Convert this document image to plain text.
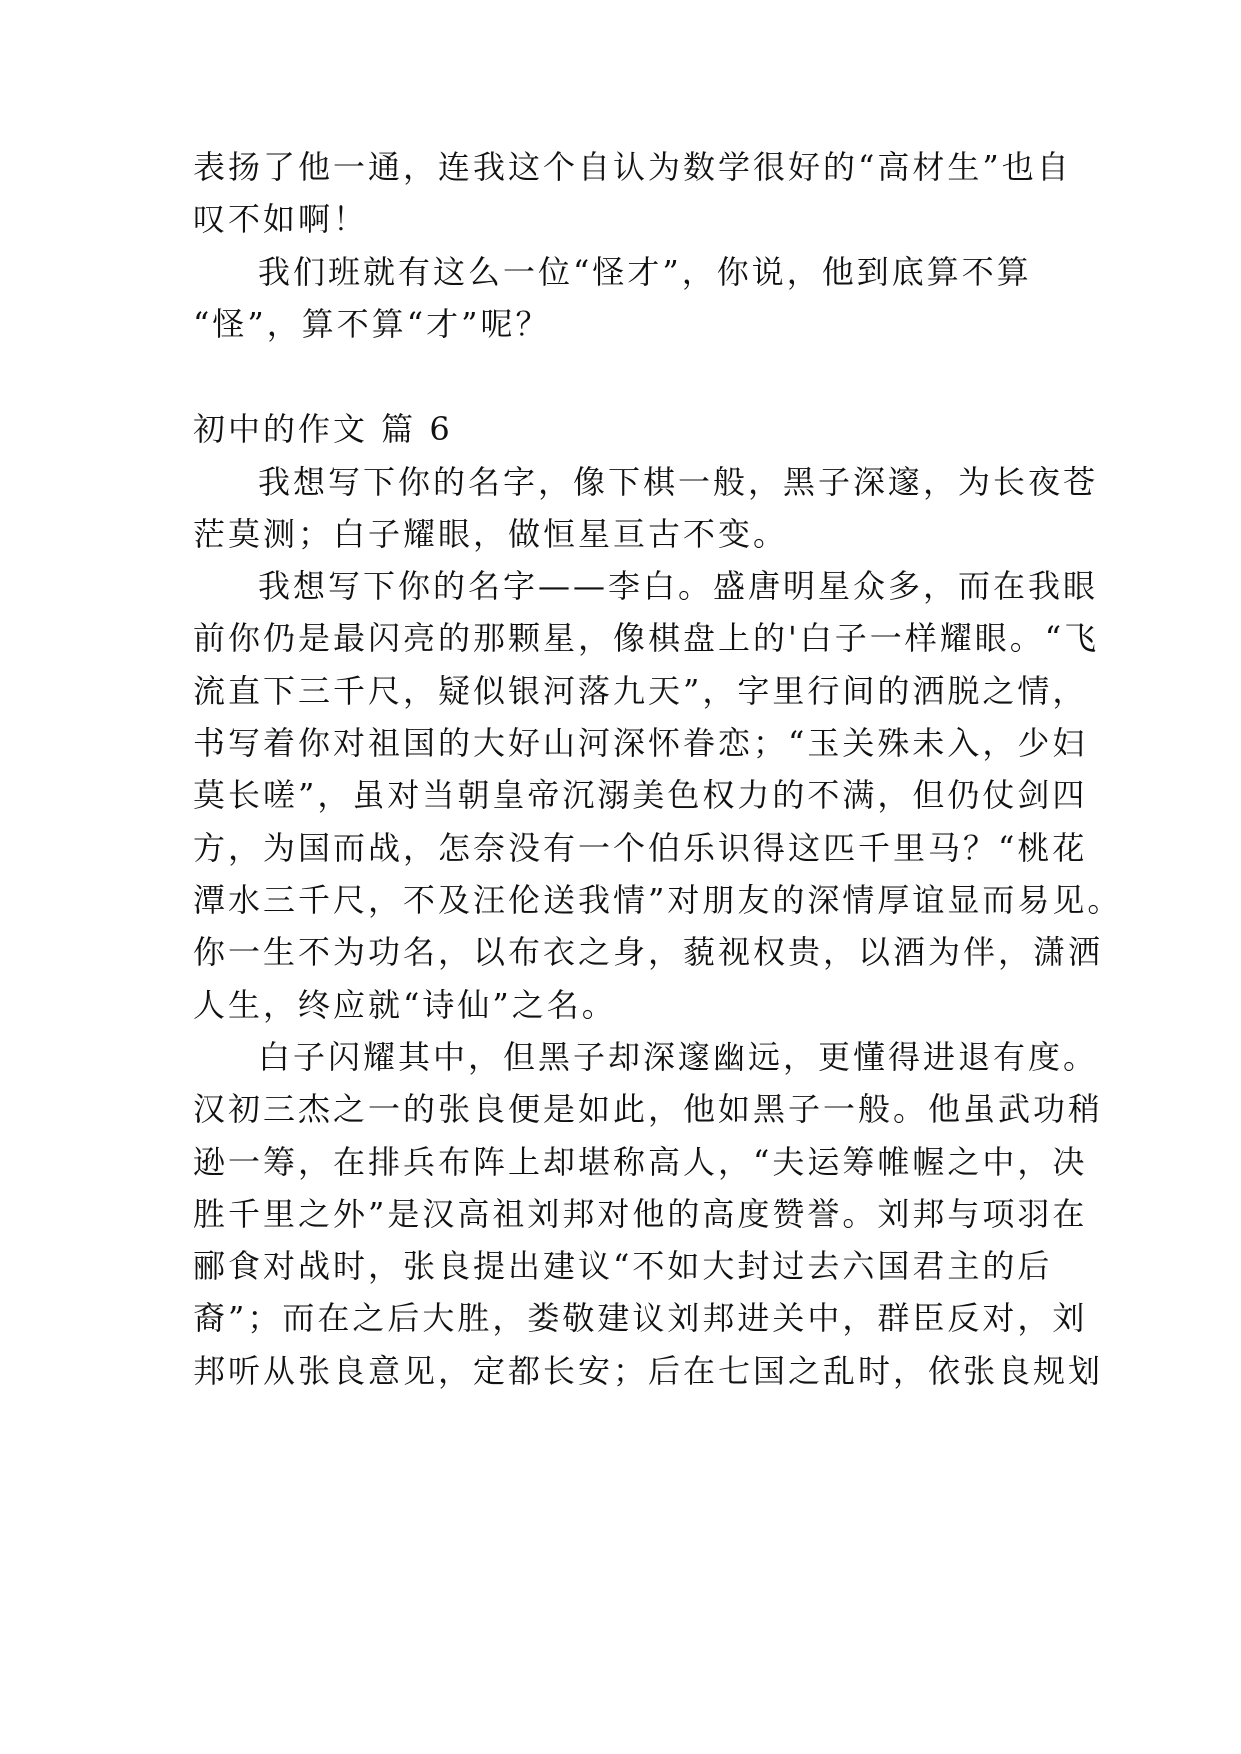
表扬了他一通，连我这个自认为数学很好的“高材生”也自
叹不如啊！
我们班就有这么一位“怪才”，你说，他到底算不算
“怪”，算不算“才”呢？
初中的作文 篇 6
我想写下你的名字，像下棋一般，黑子深邃，为长夜苍
茫莫测；白子耀眼，做恒星亘古不变。
我想写下你的名字——李白。盛唐明星众多，而在我眼
前你仍是最闪亮的那颗星，像棋盘上的'白子一样耀眼。“飞
流直下三千尺，疑似银河落九天”，字里行间的洒脱之情，
书写着你对祖国的大好山河深怀眷恋；“玉关殊未入，少妇
莫长嗟”，虽对当朝皇帝沉溺美色权力的不满，但仍仗剑四
方，为国而战，怎奈没有一个伯乐识得这匹千里马？“桃花
潭水三千尺，不及汪伦送我情”对朋友的深情厚谊显而易见。
你一生不为功名，以布衣之身，藐视权贵，以酒为伴，潇洒
人生，终应就“诗仙”之名。
白子闪耀其中，但黑子却深邃幽远，更懂得进退有度。
汉初三杰之一的张良便是如此，他如黑子一般。他虽武功稍
逊一筹，在排兵布阵上却堪称高人，“夫运筹帷幄之中，决
胜千里之外”是汉高祖刘邦对他的高度赞誉。刘邦与项羽在
郦食对战时，张良提出建议“不如大封过去六国君主的后
裔”；而在之后大胜，娄敬建议刘邦进关中，群臣反对，刘
邦听从张良意见，定都长安；后在七国之乱时，依张良规划
